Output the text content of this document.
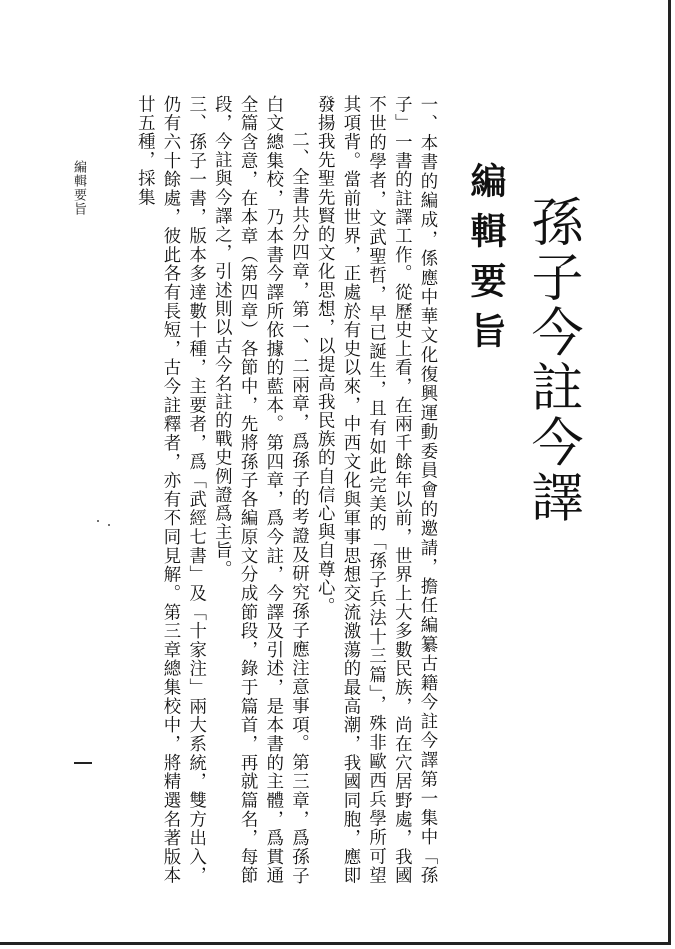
孫子今註今譯
編輯要旨

一、本書的編成，係應中華文化復興運動委員會的邀請，擔任編纂古籍今註今譯第一集中「孫子」一書的註譯工作。從歷史上看，在兩千餘年以前，世界上大多數民族，尚在穴居野處，我國不世的學者，文武聖哲，早已誕生，且有如此完美的「孫子兵法十三篇」，殊非歐西兵學所可望其項背。當前世界，正處於有史以來，中西文化與軍事思想交流激蕩的最高潮，我國同胞，應即發揚我先聖先賢的文化思想，以提高我民族的自信心與自尊心。

二、全書共分四章，第一、二兩章，爲孫子的考證及研究孫子應注意事項。第三章，爲孫子白文總集校，乃本書今譯所依據的藍本。第四章，爲今註，今譯及引述，是本書的主體，爲貫通全篇含意，在本章（第四章）各節中，先將孫子各編原文分成節段，錄于篇首，再就篇名，每節段，今註與今譯之，引述則以古今名註的戰史例證爲主旨。

三、孫子一書，版本多達數十種，主要者，爲「武經七書」及「十家注」兩大系統，雙方出入，仍有六十餘處，彼此各有長短，古今註釋者，亦有不同見解。第三章總集校中，將精選名著版本廿五種，採集

編輯要旨
